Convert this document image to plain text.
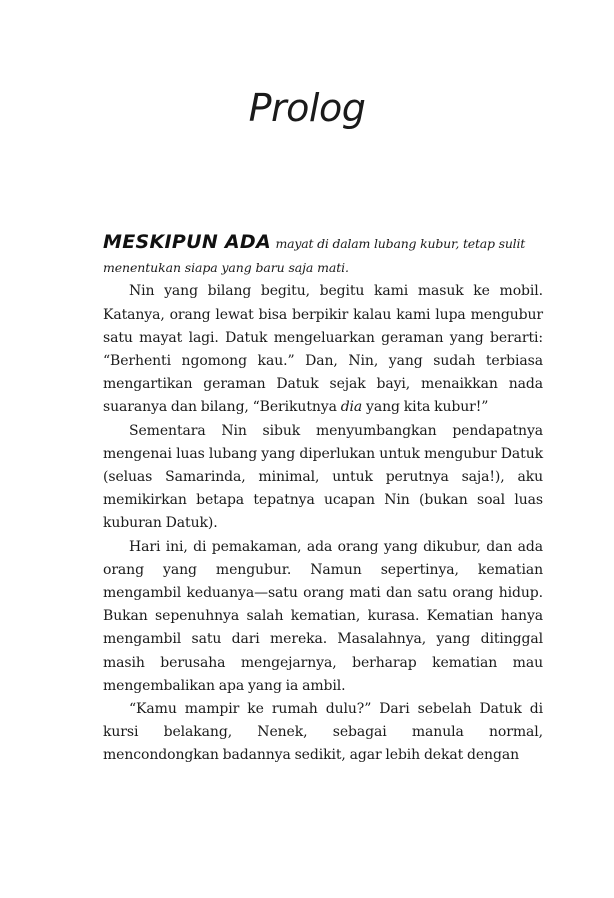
Prolog

MESKIPUN ADA mayat di dalam lubang kubur, tetap sulit
menentukan siapa yang baru saja mati.

Nin yang bilang begitu, begitu kami masuk ke mobil. Katanya, orang lewat bisa berpikir kalau kami lupa mengubur satu mayat lagi. Datuk mengeluarkan geraman yang berarti: “Berhenti ngomong kau.” Dan, Nin, yang sudah terbiasa mengartikan geraman Datuk sejak bayi, menaikkan nada suaranya dan bilang, “Berikutnya dia yang kita kubur!”

Sementara Nin sibuk menyumbangkan pendapatnya mengenai luas lubang yang diperlukan untuk mengubur Datuk (seluas Samarinda, minimal, untuk perutnya saja!), aku memikirkan betapa tepatnya ucapan Nin (bukan soal luas kuburan Datuk).

Hari ini, di pemakaman, ada orang yang dikubur, dan ada orang yang mengubur. Namun sepertinya, kematian mengambil keduanya—satu orang mati dan satu orang hidup. Bukan sepenuhnya salah kematian, kurasa. Kematian hanya mengambil satu dari mereka. Masalahnya, yang ditinggal masih berusaha mengejarnya, berharap kematian mau mengembalikan apa yang ia ambil.

“Kamu mampir ke rumah dulu?” Dari sebelah Datuk di kursi belakang, Nenek, sebagai manula normal, mencondongkan badannya sedikit, agar lebih dekat dengan
